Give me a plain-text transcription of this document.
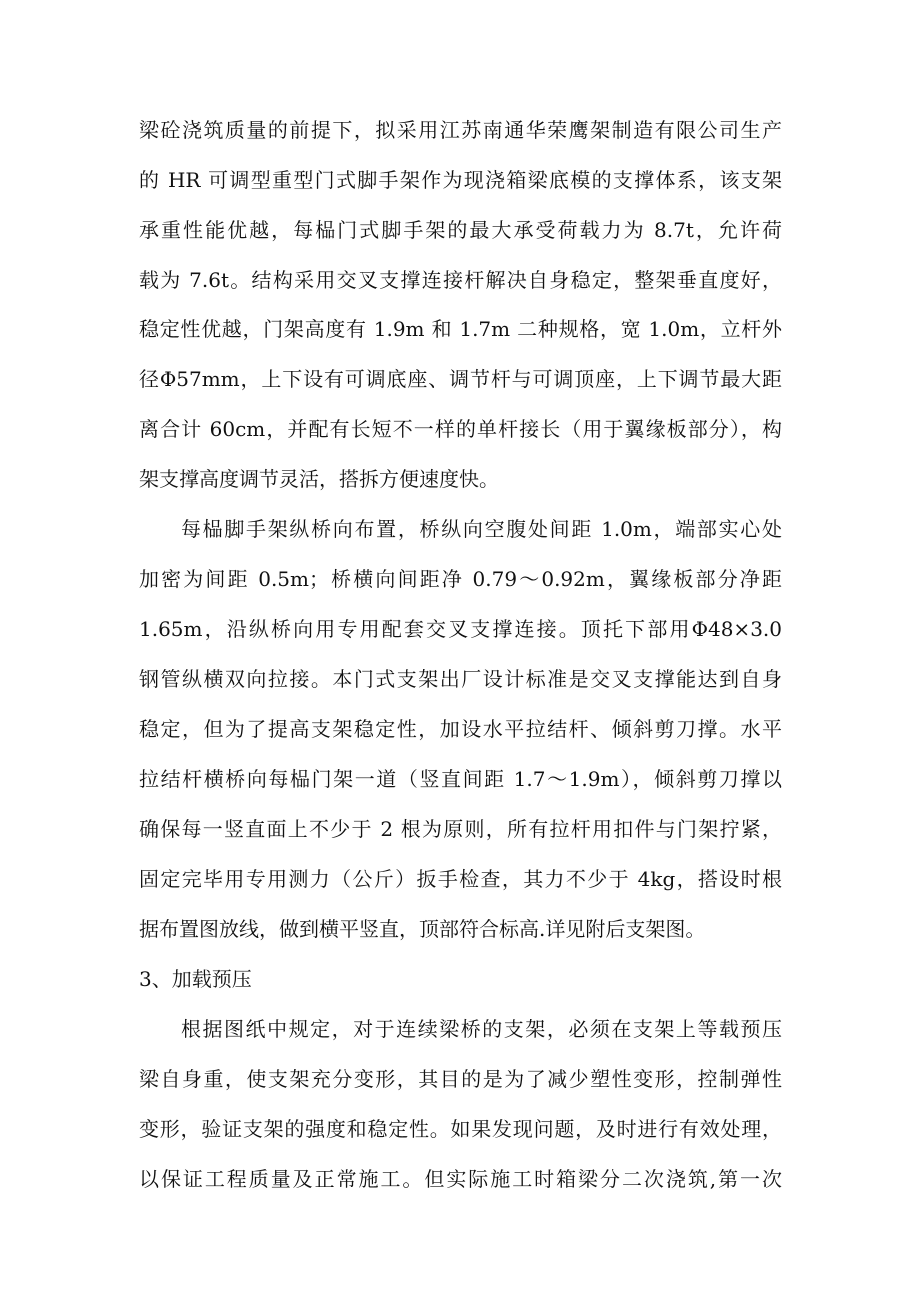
梁砼浇筑质量的前提下，拟采用江苏南通华荣鹰架制造有限公司生产
的 HR 可调型重型门式脚手架作为现浇箱梁底模的支撑体系，该支架
承重性能优越，每榀门式脚手架的最大承受荷载力为 8.7t，允许荷
载为 7.6t。结构采用交叉支撑连接杆解决自身稳定，整架垂直度好，
稳定性优越，门架高度有 1.9m 和 1.7m 二种规格，宽 1.0m，立杆外
径Φ57mm，上下设有可调底座、调节杆与可调顶座，上下调节最大距
离合计 60cm，并配有长短不一样的单杆接长（用于翼缘板部分），构
架支撑高度调节灵活，搭拆方便速度快。
每榀脚手架纵桥向布置，桥纵向空腹处间距 1.0m，端部实心处
加密为间距 0.5m；桥横向间距净 0.79～0.92m，翼缘板部分净距
1.65m，沿纵桥向用专用配套交叉支撑连接。顶托下部用Φ48×3.0
钢管纵横双向拉接。本门式支架出厂设计标准是交叉支撑能达到自身
稳定，但为了提高支架稳定性，加设水平拉结杆、倾斜剪刀撑。水平
拉结杆横桥向每榀门架一道（竖直间距 1.7～1.9m），倾斜剪刀撑以
确保每一竖直面上不少于 2 根为原则，所有拉杆用扣件与门架拧紧，
固定完毕用专用测力（公斤）扳手检查，其力不少于 4kg，搭设时根
据布置图放线，做到横平竖直，顶部符合标高.详见附后支架图。
3、加载预压
根据图纸中规定，对于连续梁桥的支架，必须在支架上等载预压
梁自身重，使支架充分变形，其目的是为了减少塑性变形，控制弹性
变形，验证支架的强度和稳定性。如果发现问题，及时进行有效处理，
以保证工程质量及正常施工。但实际施工时箱梁分二次浇筑,第一次
